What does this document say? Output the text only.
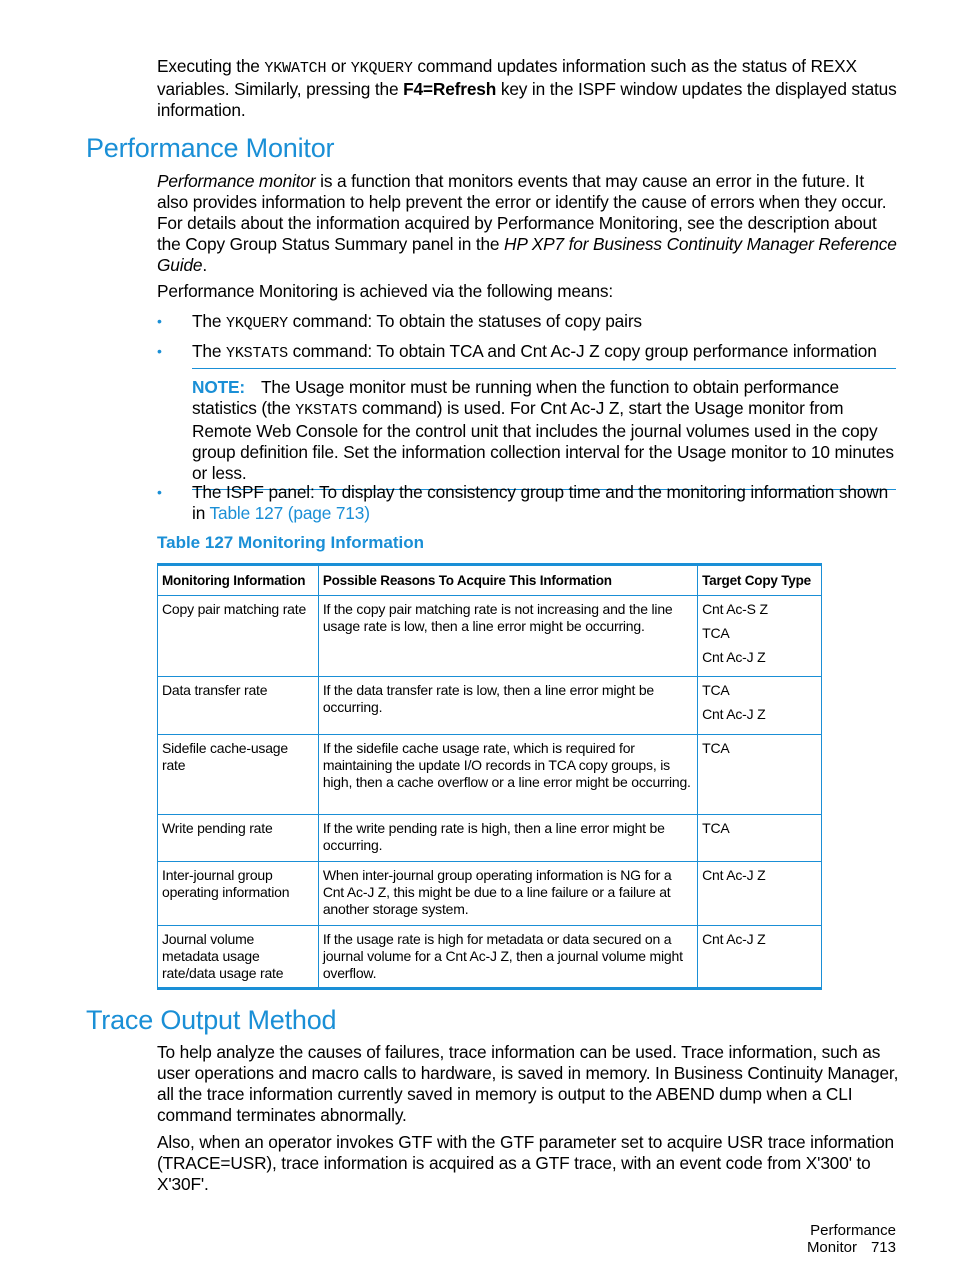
Executing the YKWATCH or YKQUERY command updates information such as the status of REXX variables. Similarly, pressing the F4=Refresh key in the ISPF window updates the displayed status information.

Performance Monitor

Performance monitor is a function that monitors events that may cause an error in the future. It also provides information to help prevent the error or identify the cause of errors when they occur. For details about the information acquired by Performance Monitoring, see the description about the Copy Group Status Summary panel in the HP XP7 for Business Continuity Manager Reference Guide.

Performance Monitoring is achieved via the following means:

•	The YKQUERY command: To obtain the statuses of copy pairs
•	The YKSTATS command: To obtain TCA and Cnt Ac-J Z copy group performance information
NOTE: The Usage monitor must be running when the function to obtain performance statistics (the YKSTATS command) is used. For Cnt Ac-J Z, start the Usage monitor from Remote Web Console for the control unit that includes the journal volumes used in the copy group definition file. Set the information collection interval for the Usage monitor to 10 minutes or less.
•	The ISPF panel: To display the consistency group time and the monitoring information shown in Table 127 (page 713)

Table 127 Monitoring Information

Monitoring Information	Possible Reasons To Acquire This Information	Target Copy Type
Copy pair matching rate	If the copy pair matching rate is not increasing and the line usage rate is low, then a line error might be occurring.	Cnt Ac-S Z
TCA
Cnt Ac-J Z

Data transfer rate	If the data transfer rate is low, then a line error might be occurring.	TCA
Cnt Ac-J Z

Sidefile cache-usage rate	If the sidefile cache usage rate, which is required for maintaining the update I/O records in TCA copy groups, is high, then a cache overflow or a line error might be occurring.	TCA

Write pending rate	If the write pending rate is high, then a line error might be occurring.	TCA

Inter-journal group operating information	When inter-journal group operating information is NG for a Cnt Ac-J Z, this might be due to a line failure or a failure at another storage system.	Cnt Ac-J Z

Journal volume metadata usage rate/data usage rate	If the usage rate is high for metadata or data secured on a journal volume for a Cnt Ac-J Z, then a journal volume might overflow.	Cnt Ac-J Z
Trace Output Method

To help analyze the causes of failures, trace information can be used. Trace information, such as user operations and macro calls to hardware, is saved in memory. In Business Continuity Manager, all the trace information currently saved in memory is output to the ABEND dump when a CLI command terminates abnormally.

Also, when an operator invokes GTF with the GTF parameter set to acquire USR trace information (TRACE=USR), trace information is acquired as a GTF trace, with an event code from X'300' to X'30F'.

Performance Monitor 713
